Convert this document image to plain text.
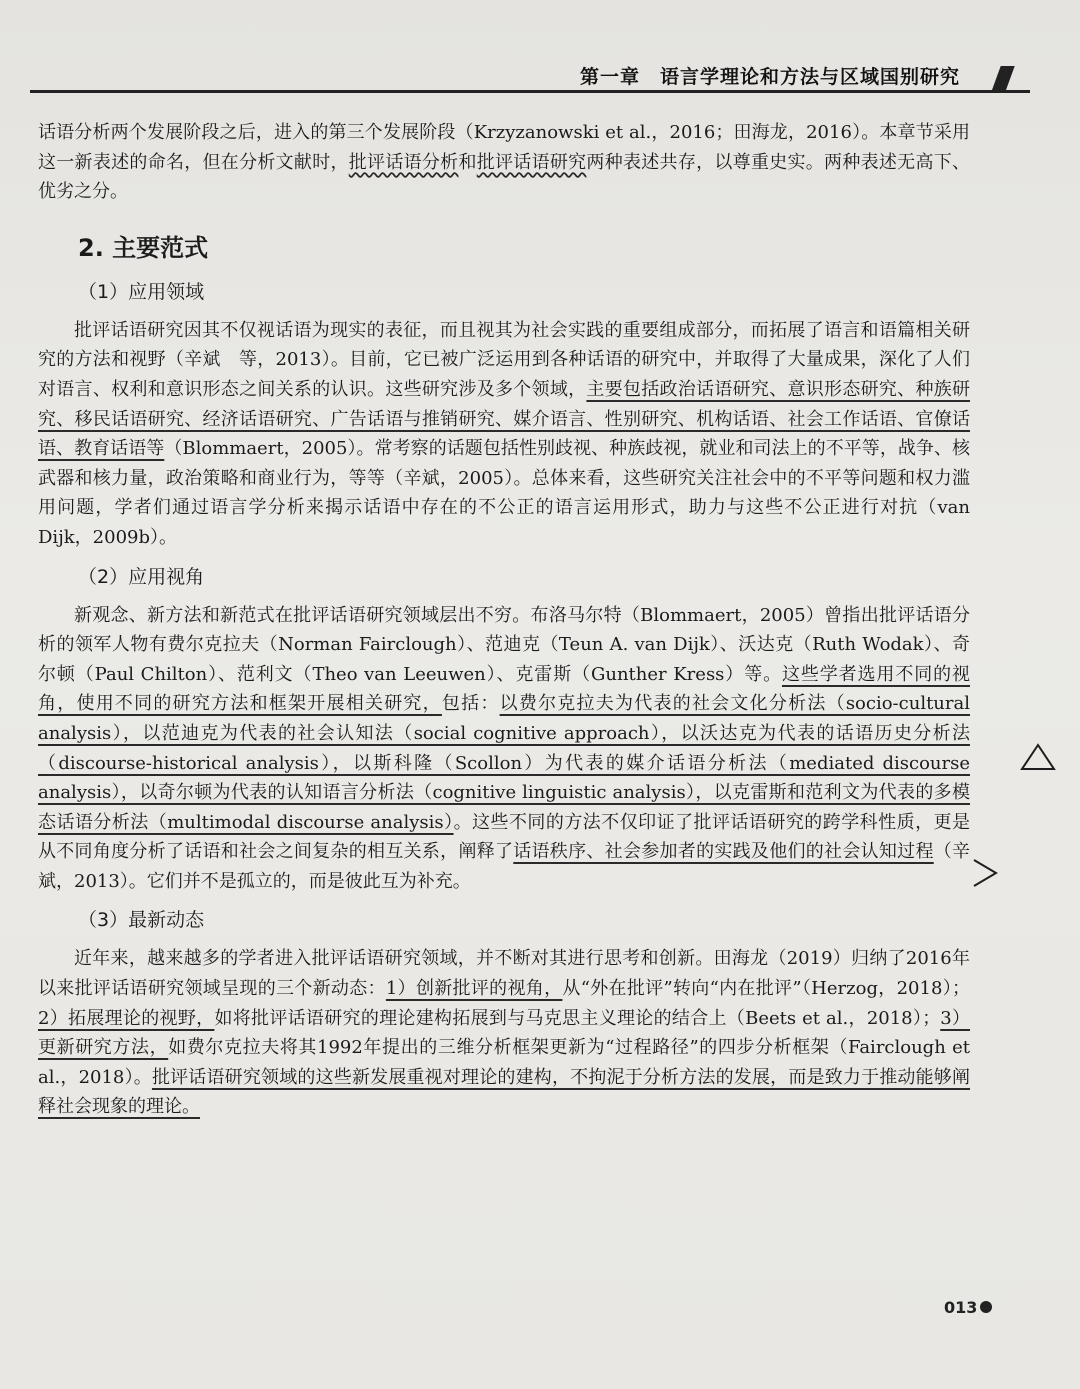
第一章　语言学理论和方法与区域国别研究

话语分析两个发展阶段之后，进入的第三个发展阶段（Krzyzanowski et al.，2016；田海龙，2016）。本章节采用这一新表述的命名，但在分析文献时，批评话语分析和批评话语研究两种表述共存，以尊重史实。两种表述无高下、优劣之分。

2. 主要范式
（1）应用领域

批评话语研究因其不仅视话语为现实的表征，而且视其为社会实践的重要组成部分，而拓展了语言和语篇相关研究的方法和视野（辛斌　等，2013）。目前，它已被广泛运用到各种话语的研究中，并取得了大量成果，深化了人们对语言、权利和意识形态之间关系的认识。这些研究涉及多个领域，主要包括政治话语研究、意识形态研究、种族研究、移民话语研究、经济话语研究、广告话语与推销研究、媒介语言、性别研究、机构话语、社会工作话语、官僚话语、教育话语等（Blommaert，2005）。常考察的话题包括性别歧视、种族歧视，就业和司法上的不平等，战争、核武器和核力量，政治策略和商业行为，等等（辛斌，2005）。总体来看，这些研究关注社会中的不平等问题和权力滥用问题，学者们通过语言学分析来揭示话语中存在的不公正的语言运用形式，助力与这些不公正进行对抗（van Dijk，2009b）。

（2）应用视角

新观念、新方法和新范式在批评话语研究领域层出不穷。布洛马尔特（Blommaert，2005）曾指出批评话语分析的领军人物有费尔克拉夫（Norman Fairclough）、范迪克（Teun A. van Dijk）、沃达克（Ruth Wodak）、奇尔顿（Paul Chilton）、范利文（Theo van Leeuwen）、克雷斯（Gunther Kress）等。这些学者选用不同的视角，使用不同的研究方法和框架开展相关研究，包括：以费尔克拉夫为代表的社会文化分析法（socio-cultural analysis），以范迪克为代表的社会认知法（social cognitive approach），以沃达克为代表的话语历史分析法（discourse-historical analysis），以斯科隆（Scollon）为代表的媒介话语分析法（mediated discourse analysis），以奇尔顿为代表的认知语言分析法（cognitive linguistic analysis），以克雷斯和范利文为代表的多模态话语分析法（multimodal discourse analysis）。这些不同的方法不仅印证了批评话语研究的跨学科性质，更是从不同角度分析了话语和社会之间复杂的相互关系，阐释了话语秩序、社会参加者的实践及他们的社会认知过程（辛斌，2013）。它们并不是孤立的，而是彼此互为补充。

（3）最新动态

近年来，越来越多的学者进入批评话语研究领域，并不断对其进行思考和创新。田海龙（2019）归纳了2016年以来批评话语研究领域呈现的三个新动态：1）创新批评的视角，从“外在批评”转向“内在批评”（Herzog，2018）；2）拓展理论的视野，如将批评话语研究的理论建构拓展到与马克思主义理论的结合上（Beets et al.，2018）；3）更新研究方法，如费尔克拉夫将其1992年提出的三维分析框架更新为“过程路径”的四步分析框架（Fairclough et al.，2018）。批评话语研究领域的这些新发展重视对理论的建构，不拘泥于分析方法的发展，而是致力于推动能够阐释社会现象的理论。

013
